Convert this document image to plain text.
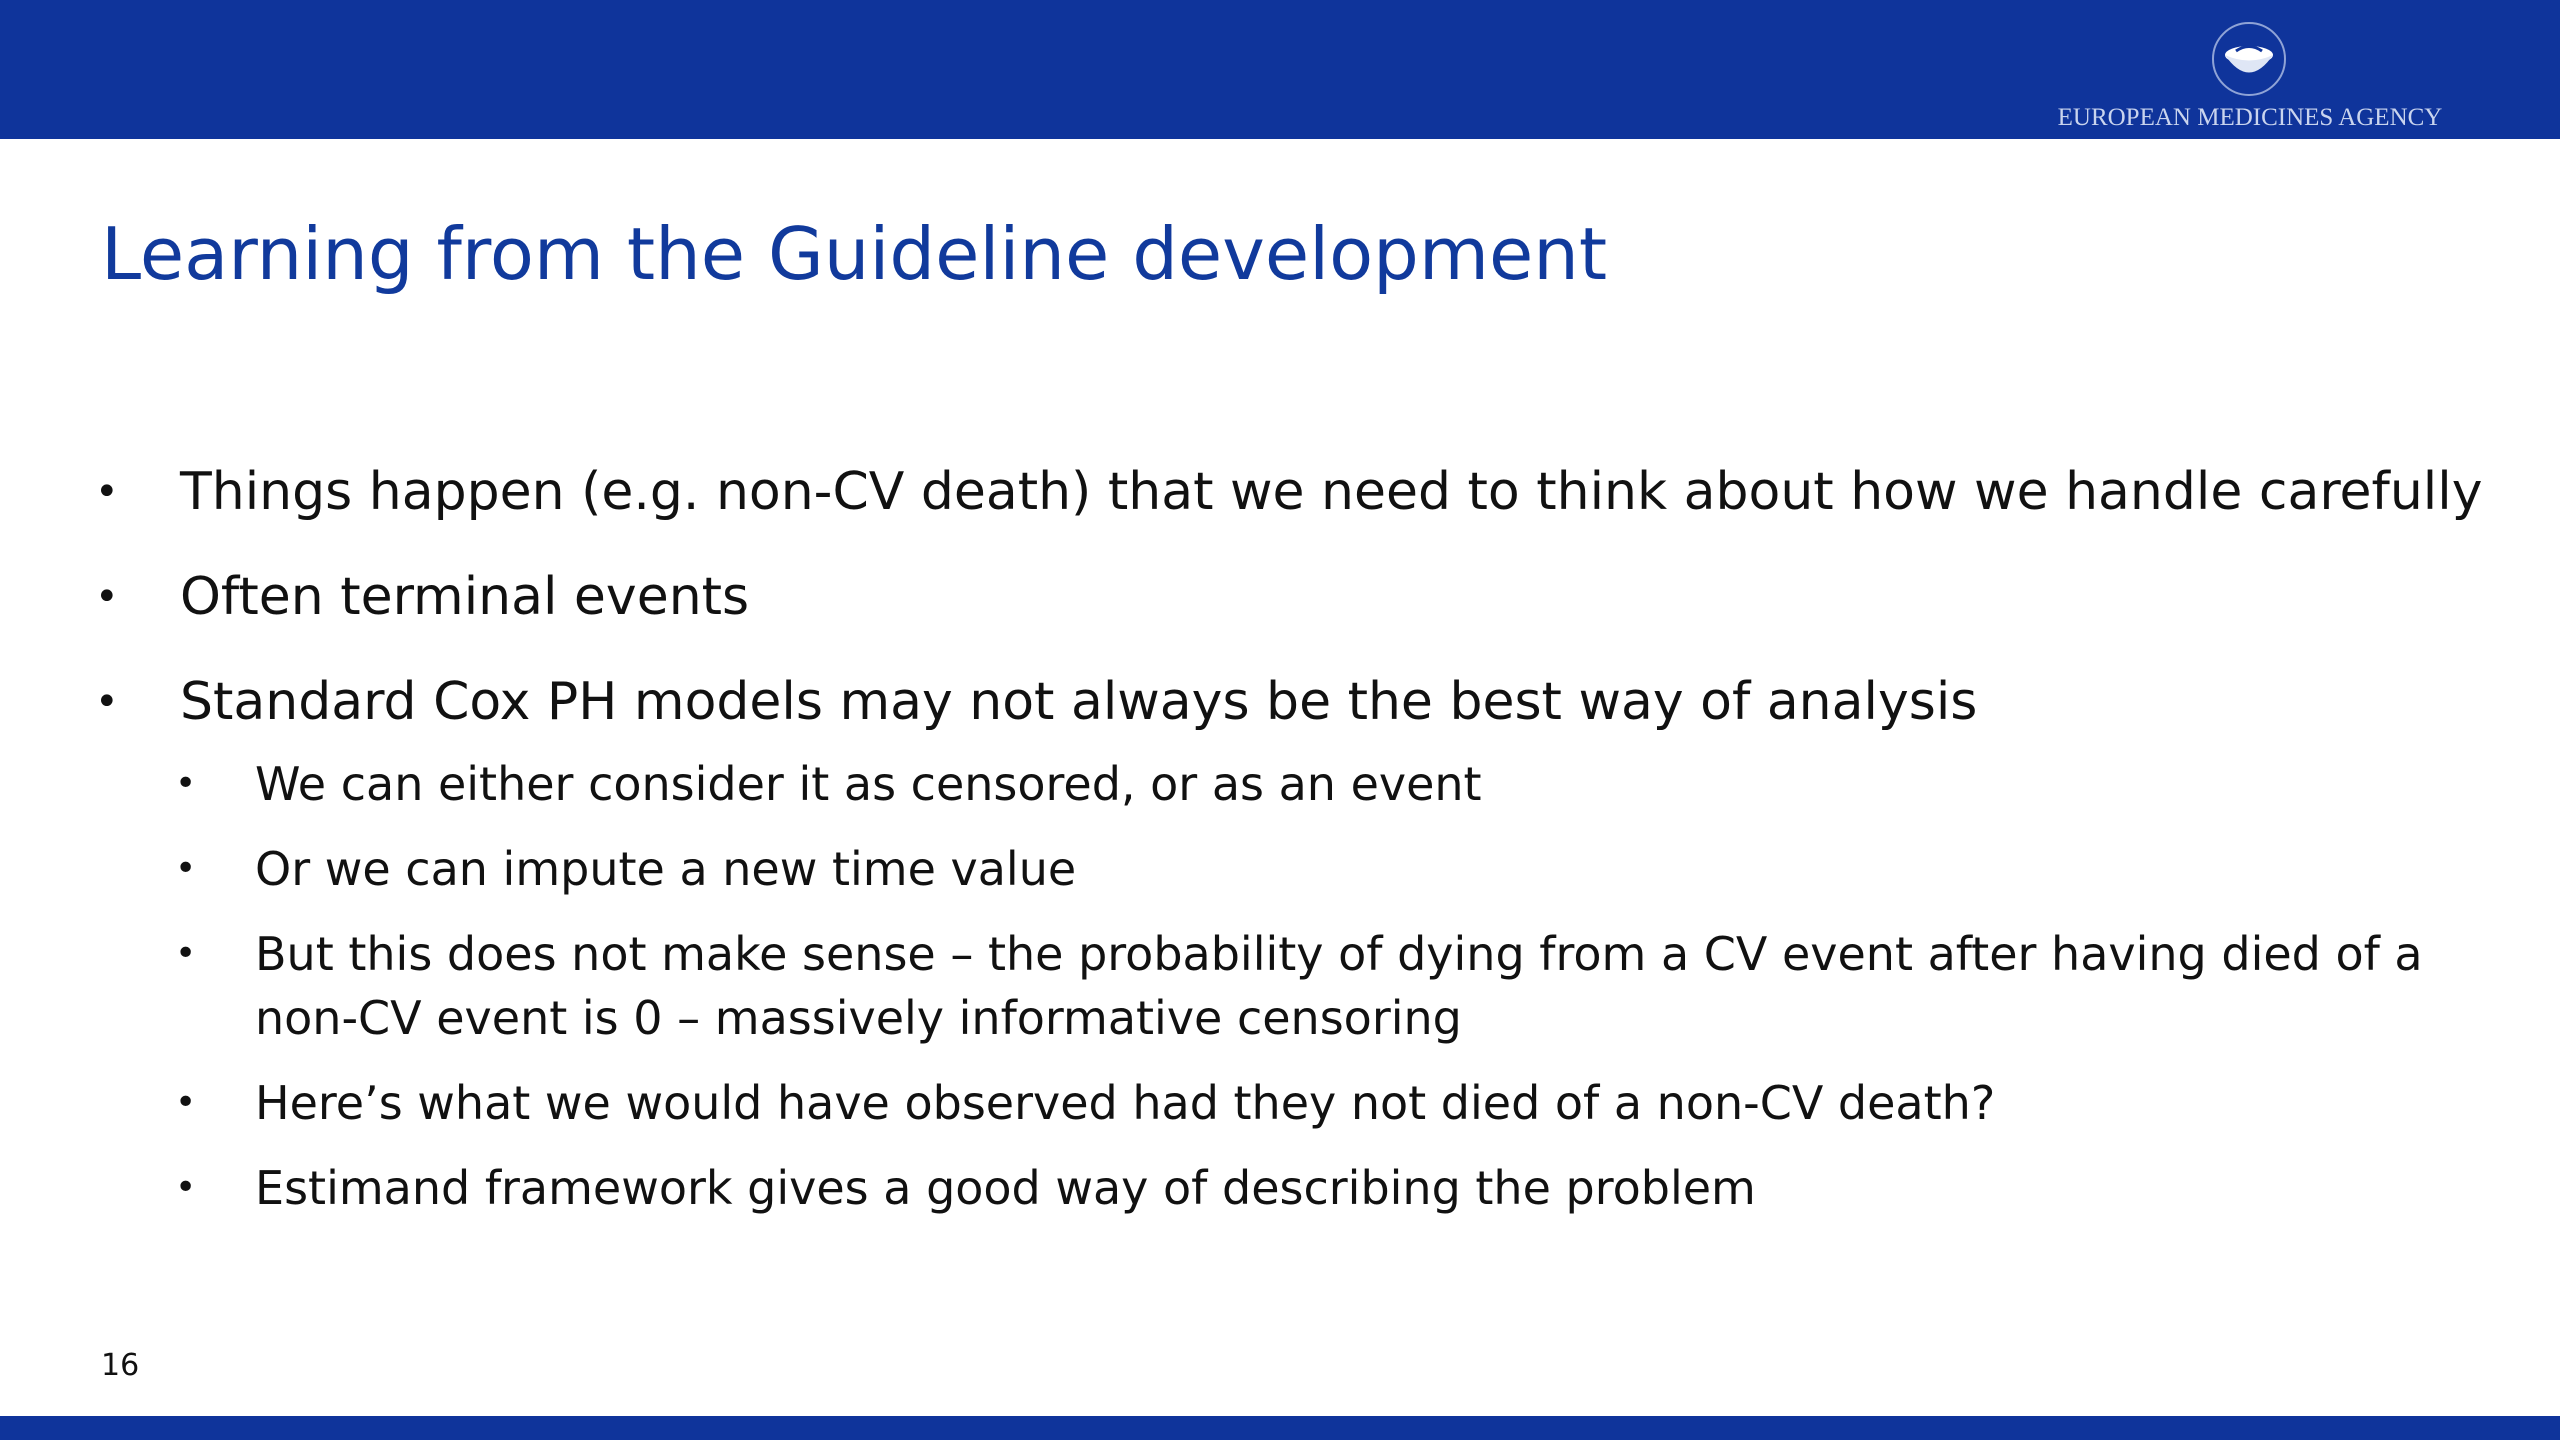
EUROPEAN MEDICINES AGENCY
Learning from the Guideline development
• Things happen (e.g. non-CV death) that we need to think about how we handle carefully
• Often terminal events
• Standard Cox PH models may not always be the best way of analysis
• We can either consider it as censored, or as an event
• Or we can impute a new time value
• But this does not make sense – the probability of dying from a CV event after having died of a non-CV event is 0 – massively informative censoring
• Here’s what we would have observed had they not died of a non-CV death?
• Estimand framework gives a good way of describing the problem
16
